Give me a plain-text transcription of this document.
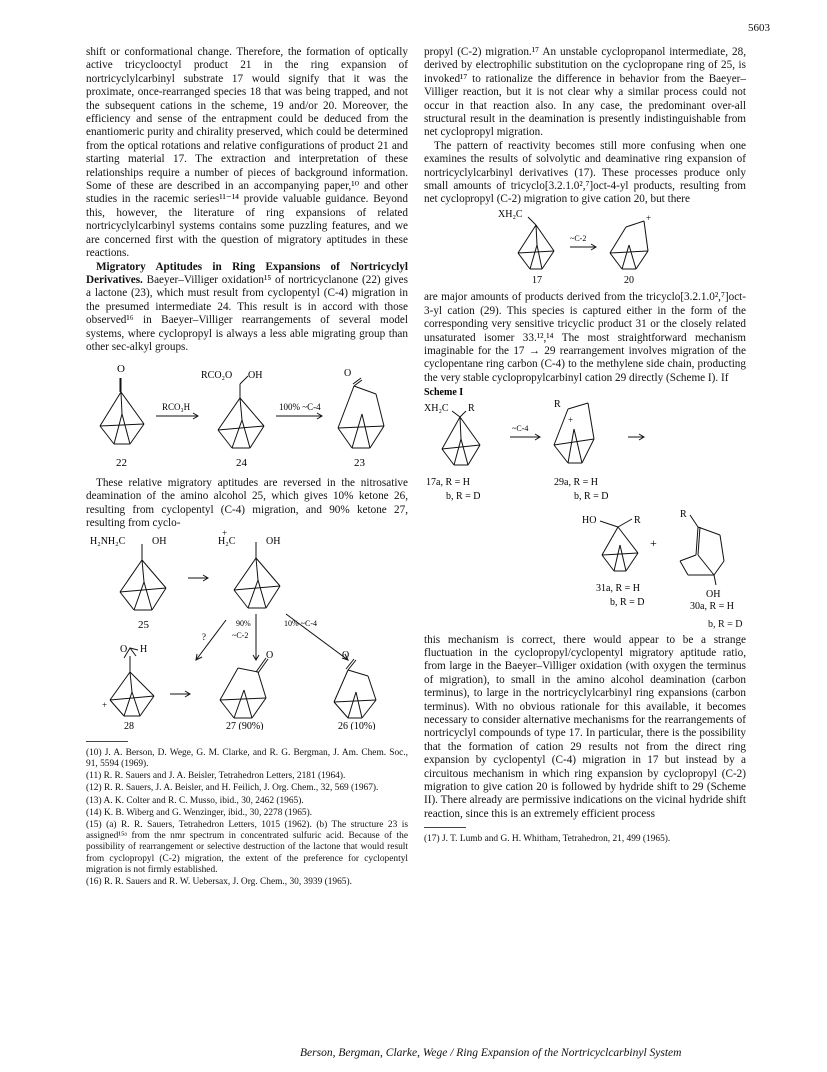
5603

shift or conformational change. Therefore, the formation of optically active tricyclooctyl product 21 in the ring expansion of nortricyclylcarbinyl substrate 17 would signify that it was the proximate, once-rearranged species 18 that was being trapped, and not the subsequent cations in the scheme, 19 and/or 20. Moreover, the efficiency and sense of the entrapment could be deduced from the enantiomeric purity and chirality preserved, which could be determined from the optical rotations and relative configurations of product 21 and starting material 17. The extraction and interpretation of these relationships require a number of pieces of background information. Some of these are described in an accompanying paper,¹⁰ and other studies in the racemic series¹¹⁻¹⁴ provide valuable guidance. Beyond this, however, the literature of ring expansions of related nortricyclylcarbinyl systems contains some puzzling features, and we are concerned first with the question of migratory aptitudes in these reactions.

Migratory Aptitudes in Ring Expansions of Nortricyclyl Derivatives. Baeyer–Villiger oxidation¹⁵ of nortricyclanone (22) gives a lactone (23), which must result from cyclopentyl (C-4) migration in the presumed intermediate 24. This result is in accord with those observed¹⁶ in Baeyer–Villiger rearrangements of several model systems, where cyclopropyl is always a less able migrating group than other sec-alkyl groups.

O
RCO₃H
RCO₂O OH
100% ~C-4
O
22	24	23

These relative migratory aptitudes are reversed in the nitrosative deamination of the amino alcohol 25, which gives 10% ketone 26, resulting from cyclopentyl (C-4) migration, and 90% ketone 27, resulting from cyclo-

H₂NH₂C	OH
25
+
H₂C	OH
?
90%
~C-2
10% ~C-4
O H
+
O	O
28	27 (90%)	26 (10%)

(10) J. A. Berson, D. Wege, G. M. Clarke, and R. G. Bergman, J. Am. Chem. Soc., 91, 5594 (1969).

(11) R. R. Sauers and J. A. Beisler, Tetrahedron Letters, 2181 (1964).

(12) R. R. Sauers, J. A. Beisler, and H. Feilich, J. Org. Chem., 32, 569 (1967).

(13) A. K. Colter and R. C. Musso, ibid., 30, 2462 (1965).

(14) K. B. Wiberg and G. Wenzinger, ibid., 30, 2278 (1965).

(15) (a) R. R. Sauers, Tetrahedron Letters, 1015 (1962). (b) The structure 23 is assigned¹⁵ᵃ from the nmr spectrum in concentrated sulfuric acid. Because of the possibility of rearrangement or selective destruction of the lactone that would result from cyclopropyl (C-2) migration, the extent of the preference for cyclopentyl migration is not firmly established.

(16) R. R. Sauers and R. W. Uebersax, J. Org. Chem., 30, 3939 (1965).

propyl (C-2) migration.¹⁷ An unstable cyclopropanol intermediate, 28, derived by electrophilic substitution on the cyclopropane ring of 25, is invoked¹⁷ to rationalize the difference in behavior from the Baeyer–Villiger reaction, but it is not clear why a similar process could not occur in that reaction also. In any case, the predominant over-all structural result in the deamination is presently indistinguishable from net cyclopropyl migration.

The pattern of reactivity becomes still more confusing when one examines the results of solvolytic and deaminative ring expansion of nortricyclylcarbinyl derivatives (17). These processes produce only small amounts of tricyclo[3.2.1.0²,⁷]oct-4-yl products, resulting from net cyclopropyl (C-2) migration to give cation 20, but there

XH₂C
17
~C-2
+
20

are major amounts of products derived from the tricyclo[3.2.1.0²,⁷]oct-3-yl cation (29). This species is captured either in the form of the corresponding very sensitive tricyclic product 31 or the closely related unsaturated isomer 33.¹²,¹⁴ The most straightforward mechanism imaginable for the 17 → 29 rearrangement involves migration of the cyclopentane ring carbon (C-4) to the methylene side chain, producting the very stable cyclopropylcarbinyl cation 29 directly (Scheme I). If

Scheme I
XH₂C R
17a, R = H
b, R = D
~C-4
R
+
29a, R = H
b, R = D
HO	R
31a, R = H
b, R = D
+
R
OH
30a, R = H
b, R = D

this mechanism is correct, there would appear to be a strange fluctuation in the cyclopropyl/cyclopentyl migratory aptitude ratio, from large in the Baeyer–Villiger oxidation (with oxygen the terminus of migration), to small in the amino alcohol deamination (carbon terminus), to large in the nortricyclylcarbinyl ring expansions (carbon terminus). With no obvious rationale for this available, it becomes necessary to consider alternative mechanisms for the rearrangements of nortricyclyl compounds of type 17. In particular, there is the possibility that the formation of cation 29 results not from the direct ring expansion by cyclopentyl (C-4) migration in 17 but instead by a circuitous mechanism in which ring expansion by cyclopropyl (C-2) migration to give cation 20 is followed by hydride shift to 29 (Scheme II). There already are permissive indications on the vicinal hydride shift reaction, since this is an extremely efficient process

(17) J. T. Lumb and G. H. Whitham, Tetrahedron, 21, 499 (1965).

Berson, Bergman, Clarke, Wege / Ring Expansion of the Nortricyclcarbinyl System
